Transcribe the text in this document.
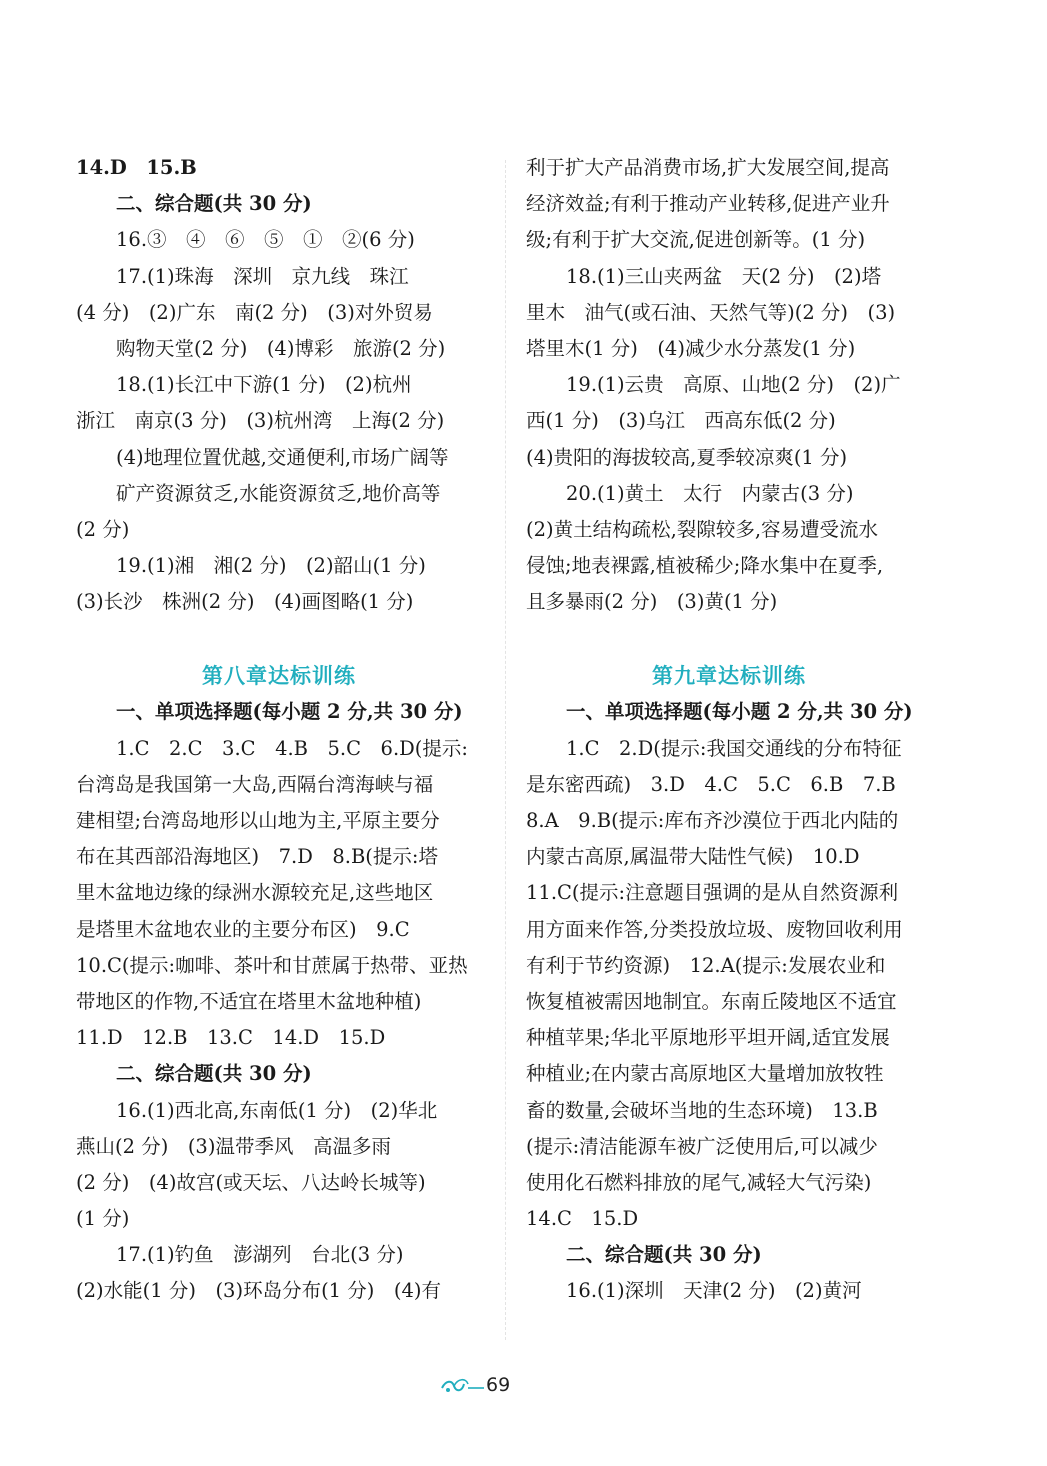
14.D　15.B
二、综合题(共 30 分)
16.③　④　⑥　⑤　①　②(6 分)
17.(1)珠海　深圳　京九线　珠江
(4 分)　(2)广东　南(2 分)　(3)对外贸易
购物天堂(2 分)　(4)博彩　旅游(2 分)
18.(1)长江中下游(1 分)　(2)杭州
浙江　南京(3 分)　(3)杭州湾　上海(2 分)
(4)地理位置优越,交通便利,市场广阔等
矿产资源贫乏,水能资源贫乏,地价高等
(2 分)
19.(1)湘　湘(2 分)　(2)韶山(1 分)
(3)长沙　株洲(2 分)　(4)画图略(1 分)
第八章达标训练
一、单项选择题(每小题 2 分,共 30 分)
1.C　2.C　3.C　4.B　5.C　6.D(提示:
台湾岛是我国第一大岛,西隔台湾海峡与福
建相望;台湾岛地形以山地为主,平原主要分
布在其西部沿海地区)　7.D　8.B(提示:塔
里木盆地边缘的绿洲水源较充足,这些地区
是塔里木盆地农业的主要分布区)　9.C
10.C(提示:咖啡、茶叶和甘蔗属于热带、亚热
带地区的作物,不适宜在塔里木盆地种植)
11.D　12.B　13.C　14.D　15.D
二、综合题(共 30 分)
16.(1)西北高,东南低(1 分)　(2)华北
燕山(2 分)　(3)温带季风　高温多雨
(2 分)　(4)故宫(或天坛、八达岭长城等)
(1 分)
17.(1)钓鱼　澎湖列　台北(3 分)
(2)水能(1 分)　(3)环岛分布(1 分)　(4)有
利于扩大产品消费市场,扩大发展空间,提高
经济效益;有利于推动产业转移,促进产业升
级;有利于扩大交流,促进创新等。(1 分)
18.(1)三山夹两盆　天(2 分)　(2)塔
里木　油气(或石油、天然气等)(2 分)　(3)
塔里木(1 分)　(4)减少水分蒸发(1 分)
19.(1)云贵　高原、山地(2 分)　(2)广
西(1 分)　(3)乌江　西高东低(2 分)
(4)贵阳的海拔较高,夏季较凉爽(1 分)
20.(1)黄土　太行　内蒙古(3 分)
(2)黄土结构疏松,裂隙较多,容易遭受流水
侵蚀;地表裸露,植被稀少;降水集中在夏季,
且多暴雨(2 分)　(3)黄(1 分)
第九章达标训练
一、单项选择题(每小题 2 分,共 30 分)
1.C　2.D(提示:我国交通线的分布特征
是东密西疏)　3.D　4.C　5.C　6.B　7.B
8.A　9.B(提示:库布齐沙漠位于西北内陆的
内蒙古高原,属温带大陆性气候)　10.D
11.C(提示:注意题目强调的是从自然资源利
用方面来作答,分类投放垃圾、废物回收利用
有利于节约资源)　12.A(提示:发展农业和
恢复植被需因地制宜。东南丘陵地区不适宜
种植苹果;华北平原地形平坦开阔,适宜发展
种植业;在内蒙古高原地区大量增加放牧牲
畜的数量,会破坏当地的生态环境)　13.B
(提示:清洁能源车被广泛使用后,可以减少
使用化石燃料排放的尾气,减轻大气污染)
14.C　15.D
二、综合题(共 30 分)
16.(1)深圳　天津(2 分)　(2)黄河
69
